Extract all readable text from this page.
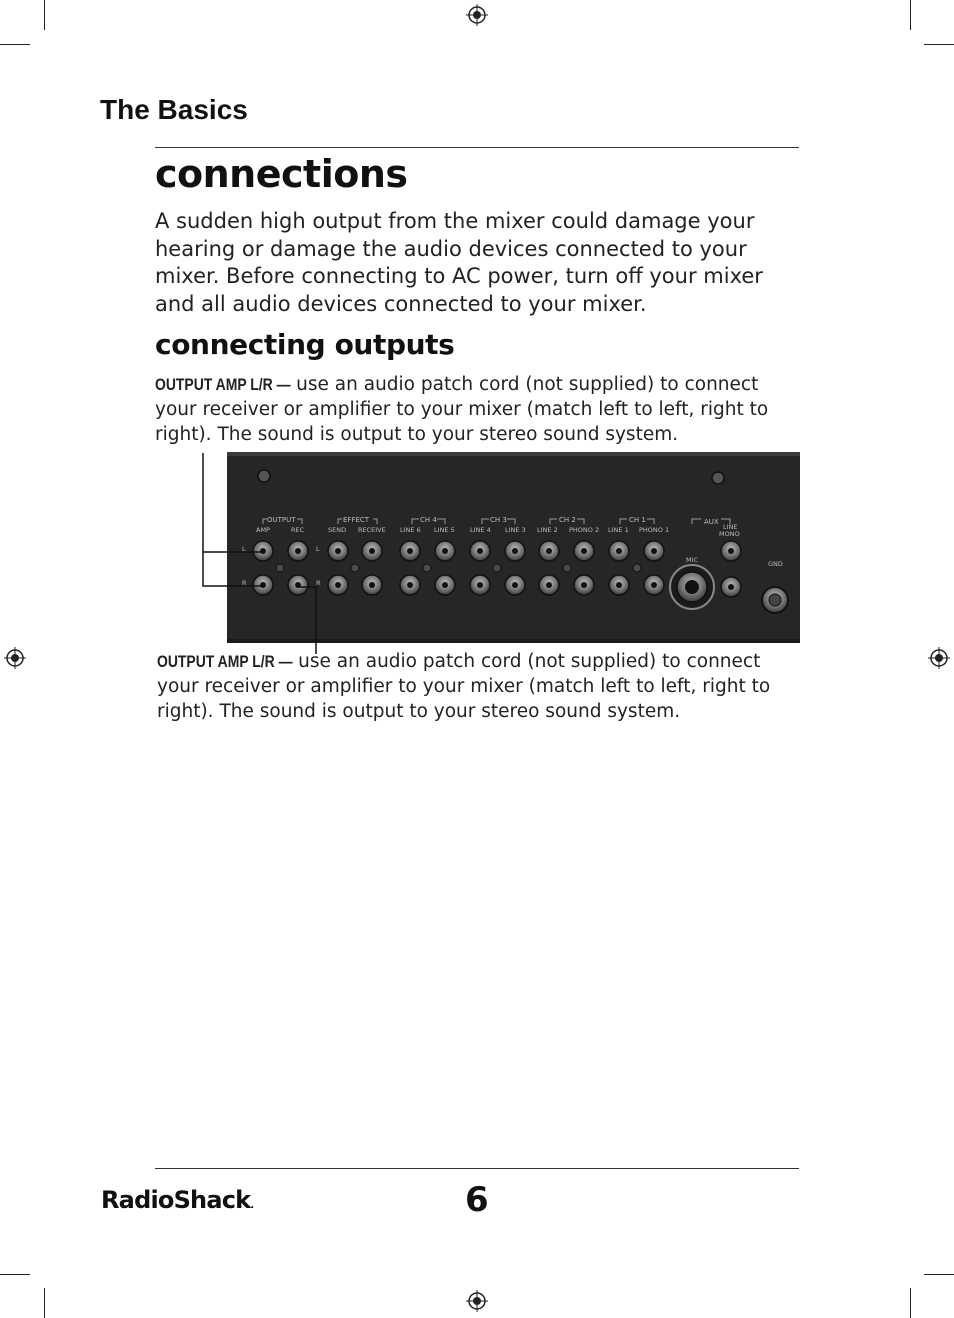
The Basics
connections

A sudden high output from the mixer could damage your hearing or damage the audio devices connected to your mixer. Before connecting to AC power, turn off your mixer and all audio devices connected to your mixer.

connecting outputs

OUTPUT AMP L/R — use an audio patch cord (not supplied) to connect your receiver or amplifier to your mixer (match left to left, right to right). The sound is output to your stereo sound system.

OUTPUT	EFFECT	CH 4	CH 3	CH 2	CH 1	AUX
AMP	REC	SEND RECEIVE LINE 6 LINE 5 LINE 4 LINE 3 LINE 2 PHONO 2 LINE 1 PHONO 1	LINE
MONO
MIC	GND
L
R
L
R

OUTPUT AMP L/R — use an audio patch cord (not supplied) to connect your receiver or amplifier to your mixer (match left to left, right to right). The sound is output to your stereo sound system.

RadioShack.	6
